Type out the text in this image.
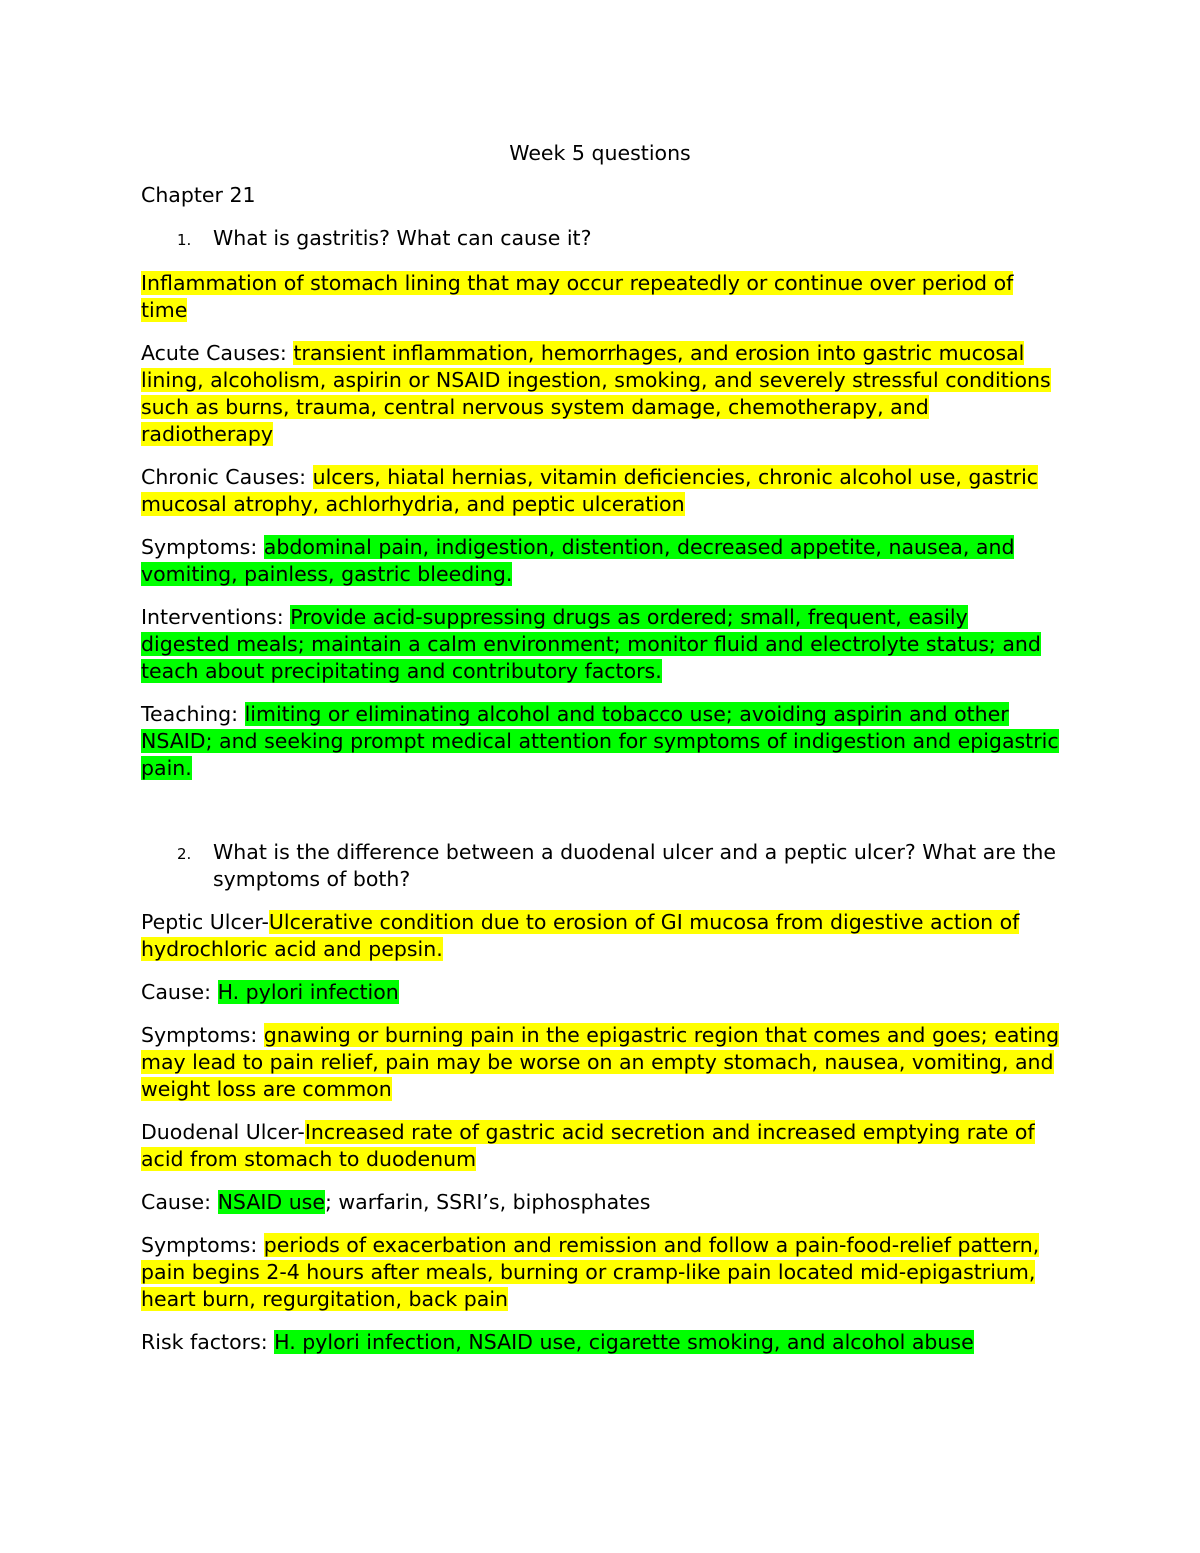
Week 5 questions
Chapter 21
1.	What is gastritis? What can cause it?

Inflammation of stomach lining that may occur repeatedly or continue over period of time

Acute Causes: transient inflammation, hemorrhages, and erosion into gastric mucosal lining, alcoholism, aspirin or NSAID ingestion, smoking, and severely stressful conditions such as burns, trauma, central nervous system damage, chemotherapy, and radiotherapy

Chronic Causes: ulcers, hiatal hernias, vitamin deficiencies, chronic alcohol use, gastric mucosal atrophy, achlorhydria, and peptic ulceration

Symptoms: abdominal pain, indigestion, distention, decreased appetite, nausea, and vomiting, painless, gastric bleeding.

Interventions: Provide acid-suppressing drugs as ordered; small, frequent, easily digested meals; maintain a calm environment; monitor fluid and electrolyte status; and teach about precipitating and contributory factors.

Teaching: limiting or eliminating alcohol and tobacco use; avoiding aspirin and other NSAID; and seeking prompt medical attention for symptoms of indigestion and epigastric pain.

2.	What is the difference between a duodenal ulcer and a peptic ulcer? What are the symptoms of both?

Peptic Ulcer-Ulcerative condition due to erosion of GI mucosa from digestive action of hydrochloric acid and pepsin.

Cause: H. pylori infection

Symptoms: gnawing or burning pain in the epigastric region that comes and goes; eating may lead to pain relief, pain may be worse on an empty stomach, nausea, vomiting, and weight loss are common

Duodenal Ulcer-Increased rate of gastric acid secretion and increased emptying rate of acid from stomach to duodenum

Cause: NSAID use; warfarin, SSRI’s, biphosphates

Symptoms: periods of exacerbation and remission and follow a pain-food-relief pattern, pain begins 2-4 hours after meals, burning or cramp-like pain located mid-epigastrium, heart burn, regurgitation, back pain

Risk factors: H. pylori infection, NSAID use, cigarette smoking, and alcohol abuse
